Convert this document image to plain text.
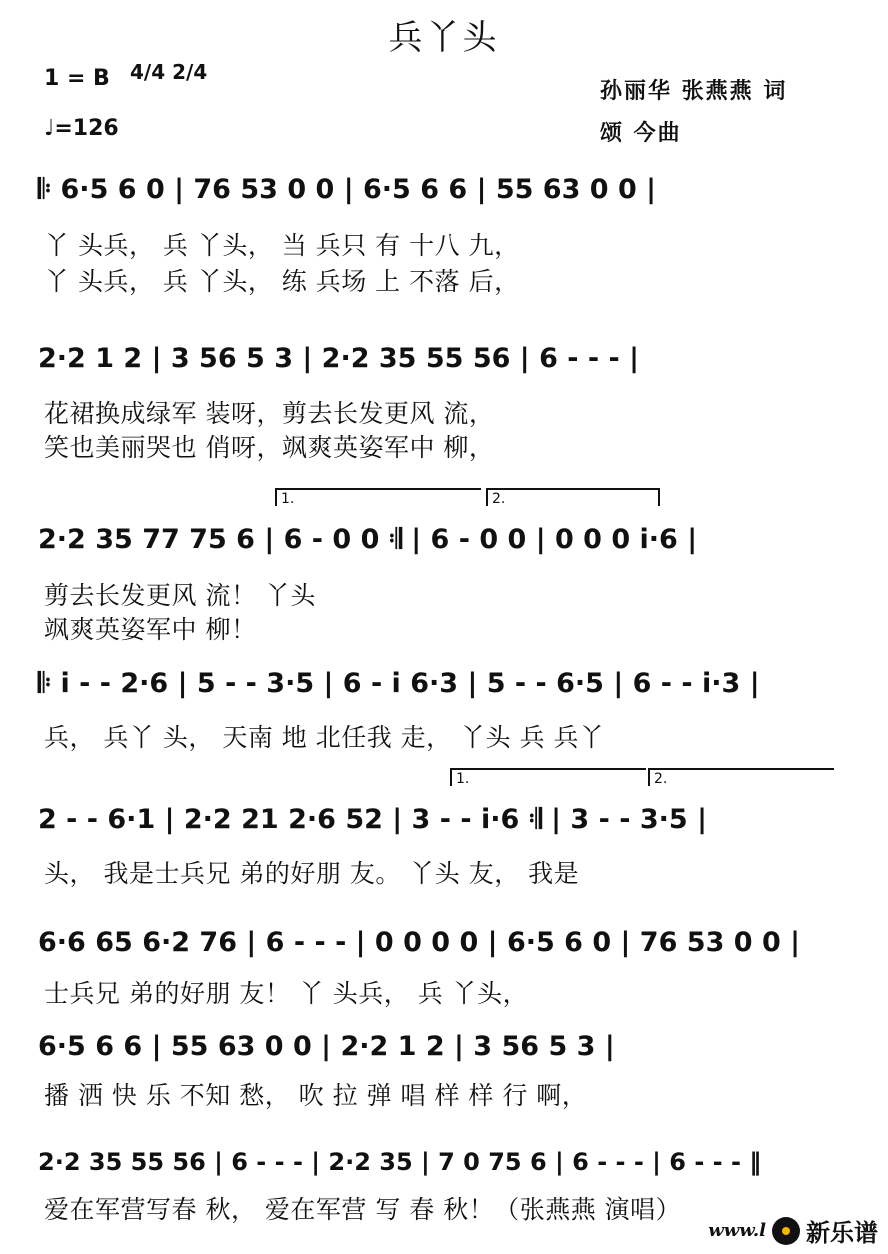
兵丫头
1 = B 4/4 2/4
♩=126
孙丽华 张燕燕 词
颂 今曲
𝄆 6·5 6 0 | 76 53 0 0 | 6·5 6 6 | 55 63 0 0 |
丫 头兵， 兵 丫头， 当 兵只 有 十八 九，
丫 头兵， 兵 丫头， 练 兵场 上 不落 后，
2·2 1 2 | 3 56 5 3 | 2·2 35 55 56 | 6 - - - |
花裙换成绿军 装呀，剪去长发更风 流，
笑也美丽哭也 俏呀，飒爽英姿军中 柳，
1.	2.
2·2 35 77 75 6 | 6 - 0 0 𝄇 | 6 - 0 0 | 0 0 0 i·6 |
剪去长发更风 流！ 丫头
飒爽英姿军中 柳！
𝄆 i - - 2·6 | 5 - - 3·5 | 6 - i 6·3 | 5 - - 6·5 | 6 - - i·3 |
兵， 兵丫 头， 天南 地 北任我 走， 丫头 兵 兵丫
1.	2.
2 - - 6·1 | 2·2 21 2·6 52 | 3 - - i·6 𝄇 | 3 - - 3·5 |
头， 我是士兵兄 弟的好朋 友。 丫头 友， 我是
6·6 65 6·2 76 | 6 - - - | 0 0 0 0 | 6·5 6 0 | 76 53 0 0 |
士兵兄 弟的好朋 友！ 丫 头兵， 兵 丫头，
6·5 6 6 | 55 63 0 0 | 2·2 1 2 | 3 56 5 3 |
播 洒 快 乐 不知 愁， 吹 拉 弹 唱 样 样 行 啊，
2·2 35 55 56 | 6 - - - | 2·2 35 | 7 0 75 6 | 6 - - - | 6 - - - ‖
爱在军营写春 秋， 爱在军营 写 春 秋！（张燕燕 演唱）
www.l 新乐谱
